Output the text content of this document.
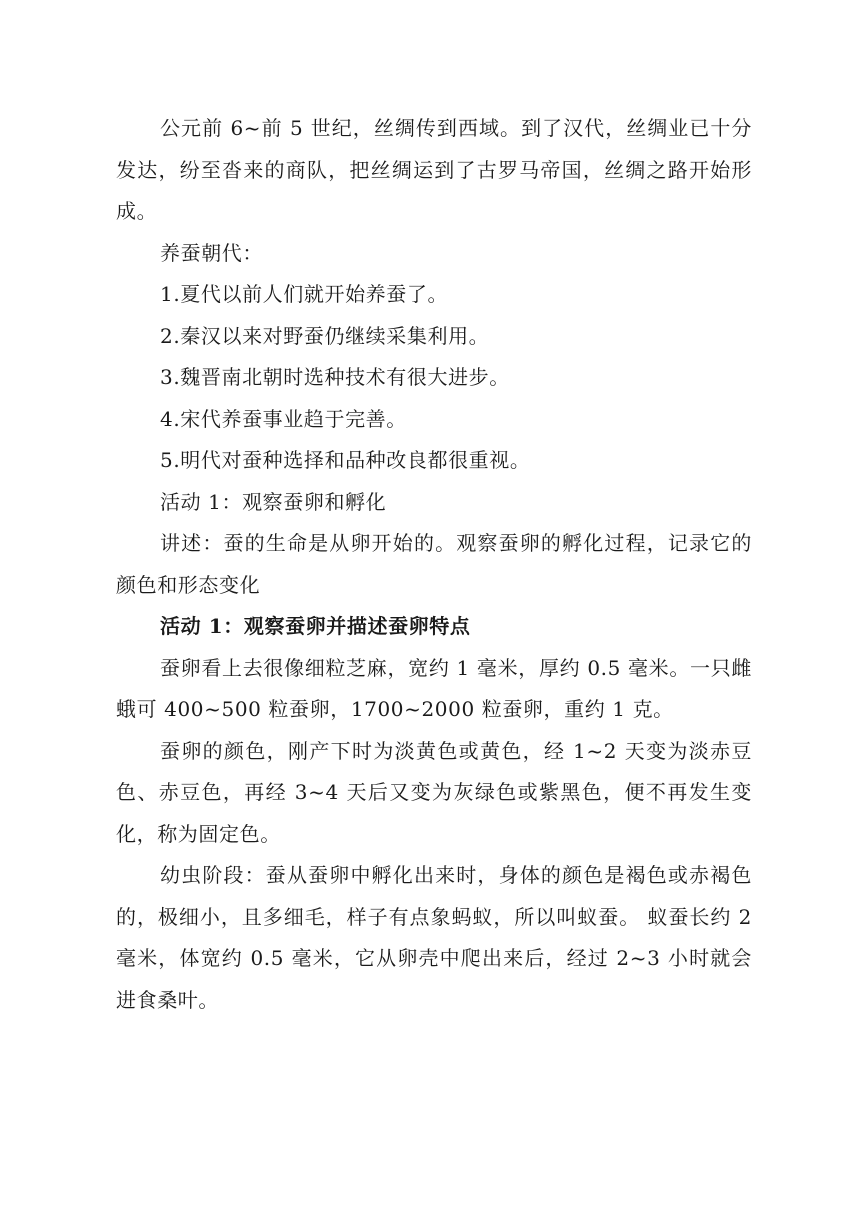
公元前 6~前 5 世纪，丝绸传到西域。到了汉代，丝绸业已十分发达，纷至沓来的商队，把丝绸运到了古罗马帝国，丝绸之路开始形成。

养蚕朝代：

1.夏代以前人们就开始养蚕了。

2.秦汉以来对野蚕仍继续采集利用。

3.魏晋南北朝时选种技术有很大进步。

4.宋代养蚕事业趋于完善。

5.明代对蚕种选择和品种改良都很重视。

活动 1：观察蚕卵和孵化

讲述：蚕的生命是从卵开始的。观察蚕卵的孵化过程，记录它的颜色和形态变化

活动 1：观察蚕卵并描述蚕卵特点

蚕卵看上去很像细粒芝麻，宽约 1 毫米，厚约 0.5 毫米。一只雌蛾可 400~500 粒蚕卵，1700~2000 粒蚕卵，重约 1 克。

蚕卵的颜色，刚产下时为淡黄色或黄色，经 1~2 天变为淡赤豆色、赤豆色，再经 3~4 天后又变为灰绿色或紫黑色，便不再发生变化，称为固定色。

幼虫阶段：蚕从蚕卵中孵化出来时，身体的颜色是褐色或赤褐色的，极细小，且多细毛，样子有点象蚂蚁，所以叫蚁蚕。 蚁蚕长约 2 毫米，体宽约 0.5 毫米，它从卵壳中爬出来后，经过 2~3 小时就会进食桑叶。
